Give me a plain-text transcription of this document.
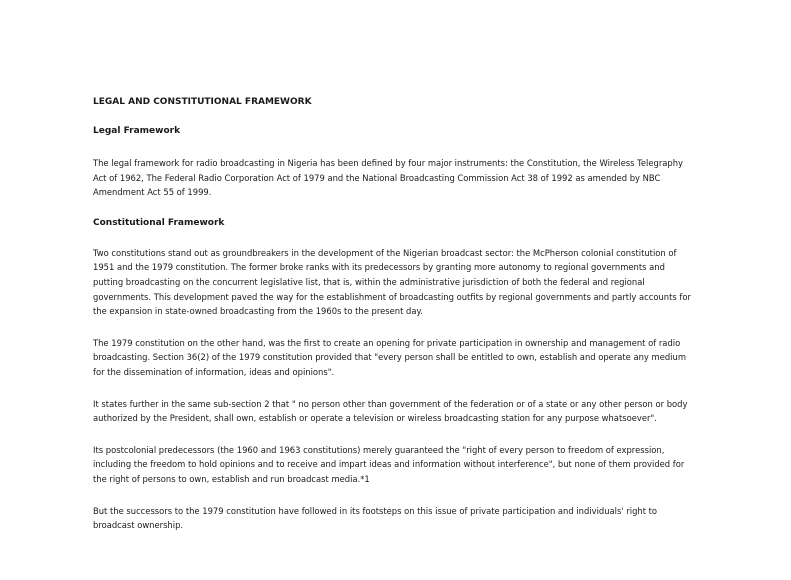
LEGAL AND CONSTITUTIONAL FRAMEWORK

Legal Framework

The legal framework for radio broadcasting in Nigeria has been defined by four major instruments: the Constitution, the Wireless Telegraphy Act of 1962, The Federal Radio Corporation Act of 1979 and the National Broadcasting Commission Act 38 of 1992 as amended by NBC Amendment Act 55 of 1999.

Constitutional Framework

Two constitutions stand out as groundbreakers in the development of the Nigerian broadcast sector: the McPherson colonial constitution of 1951 and the 1979 constitution. The former broke ranks with its predecessors by granting more autonomy to regional governments and putting broadcasting on the concurrent legislative list, that is, within the administrative jurisdiction of both the federal and regional governments. This development paved the way for the establishment of broadcasting outfits by regional governments and partly accounts for the expansion in state-owned broadcasting from the 1960s to the present day.

The 1979 constitution on the other hand, was the first to create an opening for private participation in ownership and management of radio broadcasting. Section 36(2) of the 1979 constitution provided that "every person shall be entitled to own, establish and operate any medium for the dissemination of information, ideas and opinions".

It states further in the same sub-section 2 that " no person other than government of the federation or of a state or any other person or body authorized by the President, shall own, establish or operate a television or wireless broadcasting station for any purpose whatsoever".

Its postcolonial predecessors (the 1960 and 1963 constitutions) merely guaranteed the "right of every person to freedom of expression, including the freedom to hold opinions and to receive and impart ideas and information without interference", but none of them provided for the right of persons to own, establish and run broadcast media.*1

But the successors to the 1979 constitution have followed in its footsteps on this issue of private participation and individuals' right to broadcast ownership.
